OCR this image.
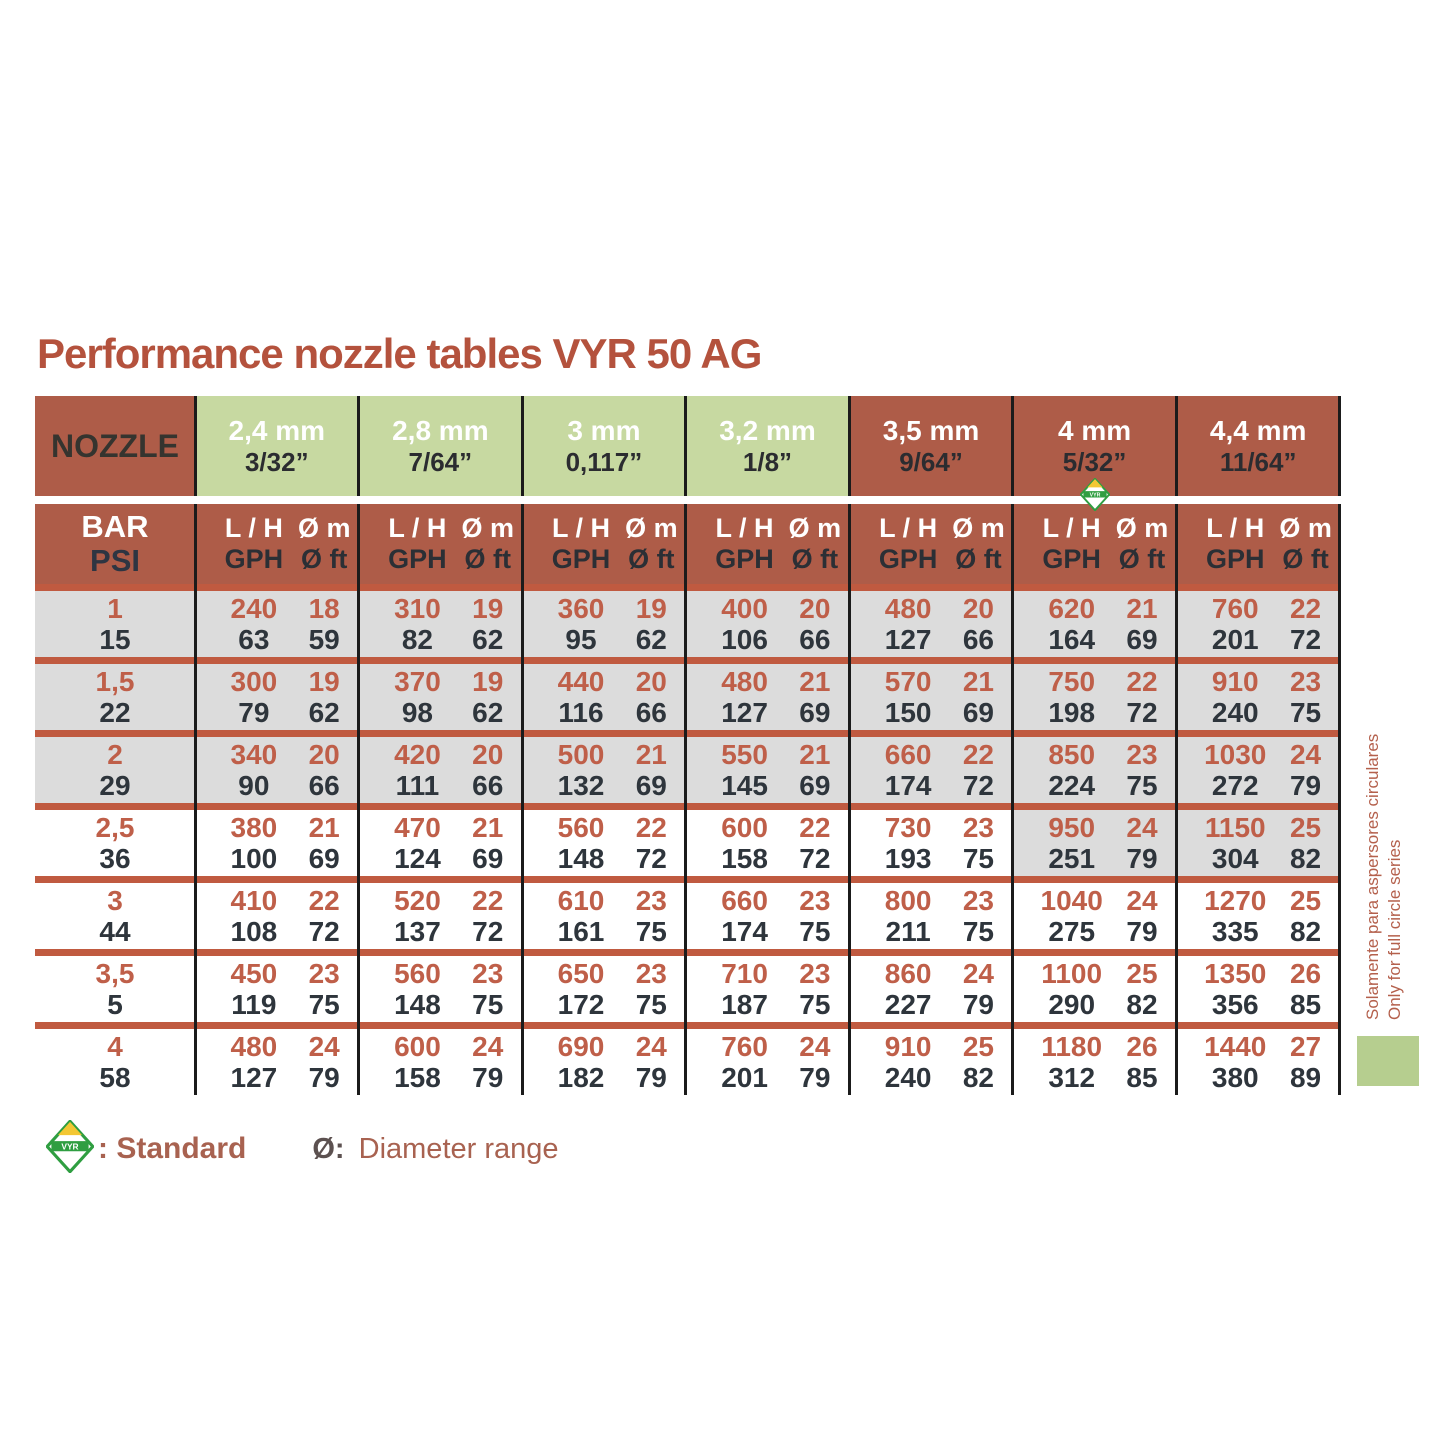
Performance nozzle tables VYR 50 AG
NOZZLE	2,4 mm
3/32”
2,8 mm
7/64”
3 mm
0,117”
3,2 mm
1/8”
3,5 mm
9/64”
4 mm
5/32”
4,4 mm
11/64”
BAR
PSI
L / H
GPH
Ø m
Ø ft
L / H
GPH
Ø m
Ø ft
L / H
GPH
Ø m
Ø ft
L / H
GPH
Ø m
Ø ft
L / H
GPH
Ø m
Ø ft
L / H
GPH
Ø m
Ø ft
L / H
GPH
Ø m
Ø ft
1
15
240
63
18
59
310
82
19
62
360
95
19
62
400
106
20
66
480
127
20
66
620
164
21
69
760
201
22
72
1,5
22
300
79
19
62
370
98
19
62
440
116
20
66
480
127
21
69
570
150
21
69
750
198
22
72
910
240
23
75
2
29
340
90
20
66
420
111
20
66
500
132
21
69
550
145
21
69
660
174
22
72
850
224
23
75
1030
272
24
79
2,5
36
380
100
21
69
470
124
21
69
560
148
22
72
600
158
22
72
730
193
23
75
950
251
24
79
1150
304
25
82
3
44
410
108
22
72
520
137
22
72
610
161
23
75
660
174
23
75
800
211
23
75
1040
275
24
79
1270
335
25
82
3,5
5
450
119
23
75
560
148
23
75
650
172
23
75
710
187
23
75
860
227
24
79
1100
290
25
82
1350
356
26
85
4
58
480
127
24
79
600
158
24
79
690
182
24
79
760
201
24
79
910
240
25
82
1180
312
26
85
1440
380
27
89
VYR
Solamente para aspersores circulares Only for full circle series
VYR : Standard Ø: Diameter range
